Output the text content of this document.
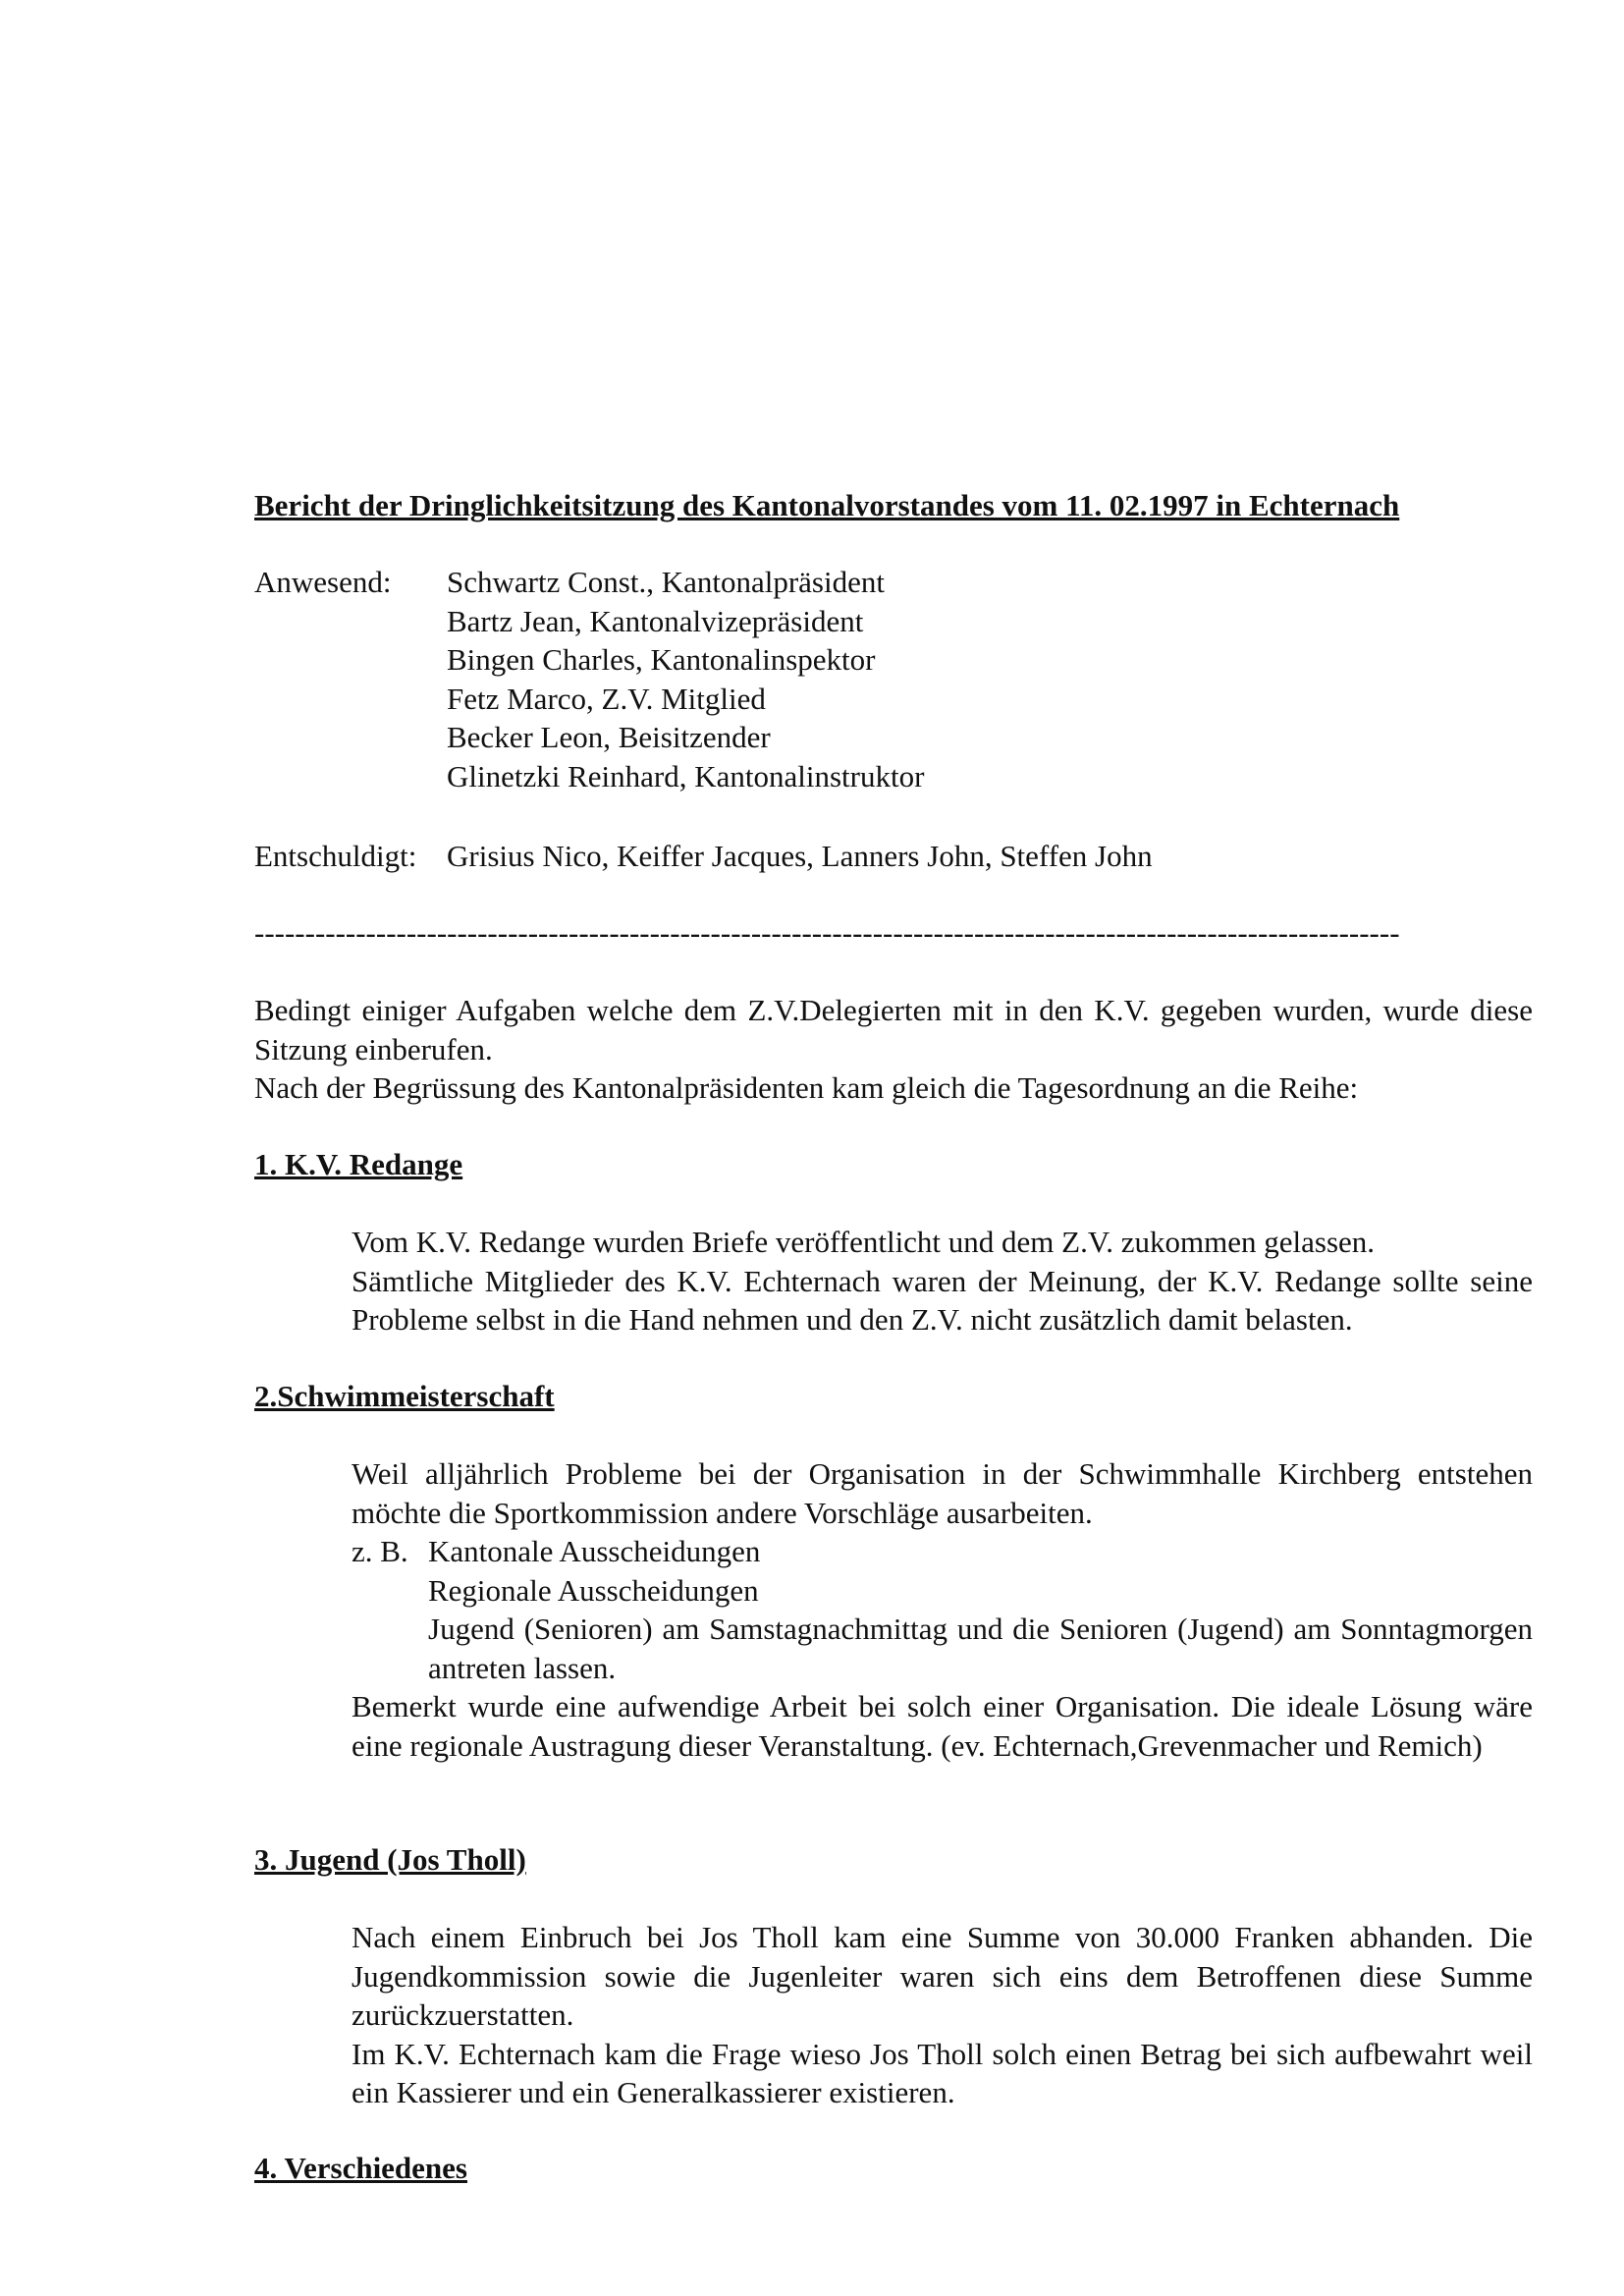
Bericht der Dringlichkeitsitzung des Kantonalvorstandes vom 11. 02.1997 in Echternach
Anwesend: Schwartz Const., Kantonalpräsident
Bartz Jean, Kantonalvizepräsident
Bingen Charles, Kantonalinspektor
Fetz Marco, Z.V. Mitglied
Becker Leon, Beisitzender
Glinetzki Reinhard, Kantonalinstruktor
Entschuldigt: Grisius Nico, Keiffer Jacques, Lanners John, Steffen John
-----------------------------------------------------------------------------------------------------------------

Bedingt einiger Aufgaben welche dem Z.V.Delegierten mit in den K.V. gegeben wurden, wurde diese Sitzung einberufen.

Nach der Begrüssung des Kantonalpräsidenten kam gleich die Tagesordnung an die Reihe:

1. K.V. Redange

Vom K.V. Redange wurden Briefe veröffentlicht und dem Z.V. zukommen gelassen.

Sämtliche Mitglieder des K.V. Echternach waren der Meinung, der K.V. Redange sollte seine Probleme selbst in die Hand nehmen und den Z.V. nicht zusätzlich damit belasten.

2.Schwimmeisterschaft

Weil alljährlich Probleme bei der Organisation in der Schwimmhalle Kirchberg entstehen möchte die Sportkommission andere Vorschläge ausarbeiten.

z. B. Kantonale Ausscheidungen

Regionale Ausscheidungen

Jugend (Senioren) am Samstagnachmittag und die Senioren (Jugend) am Sonntagmorgen antreten lassen.

Bemerkt wurde eine aufwendige Arbeit bei solch einer Organisation. Die ideale Lösung wäre eine regionale Austragung dieser Veranstaltung. (ev. Echternach,Grevenmacher und Remich)

3. Jugend (Jos Tholl)

Nach einem Einbruch bei Jos Tholl kam eine Summe von 30.000 Franken abhanden. Die Jugendkommission sowie die Jugenleiter waren sich eins dem Betroffenen diese Summe zurückzuerstatten.

Im K.V. Echternach kam die Frage wieso Jos Tholl solch einen Betrag bei sich aufbewahrt weil ein Kassierer und ein Generalkassierer existieren.

4. Verschiedenes
